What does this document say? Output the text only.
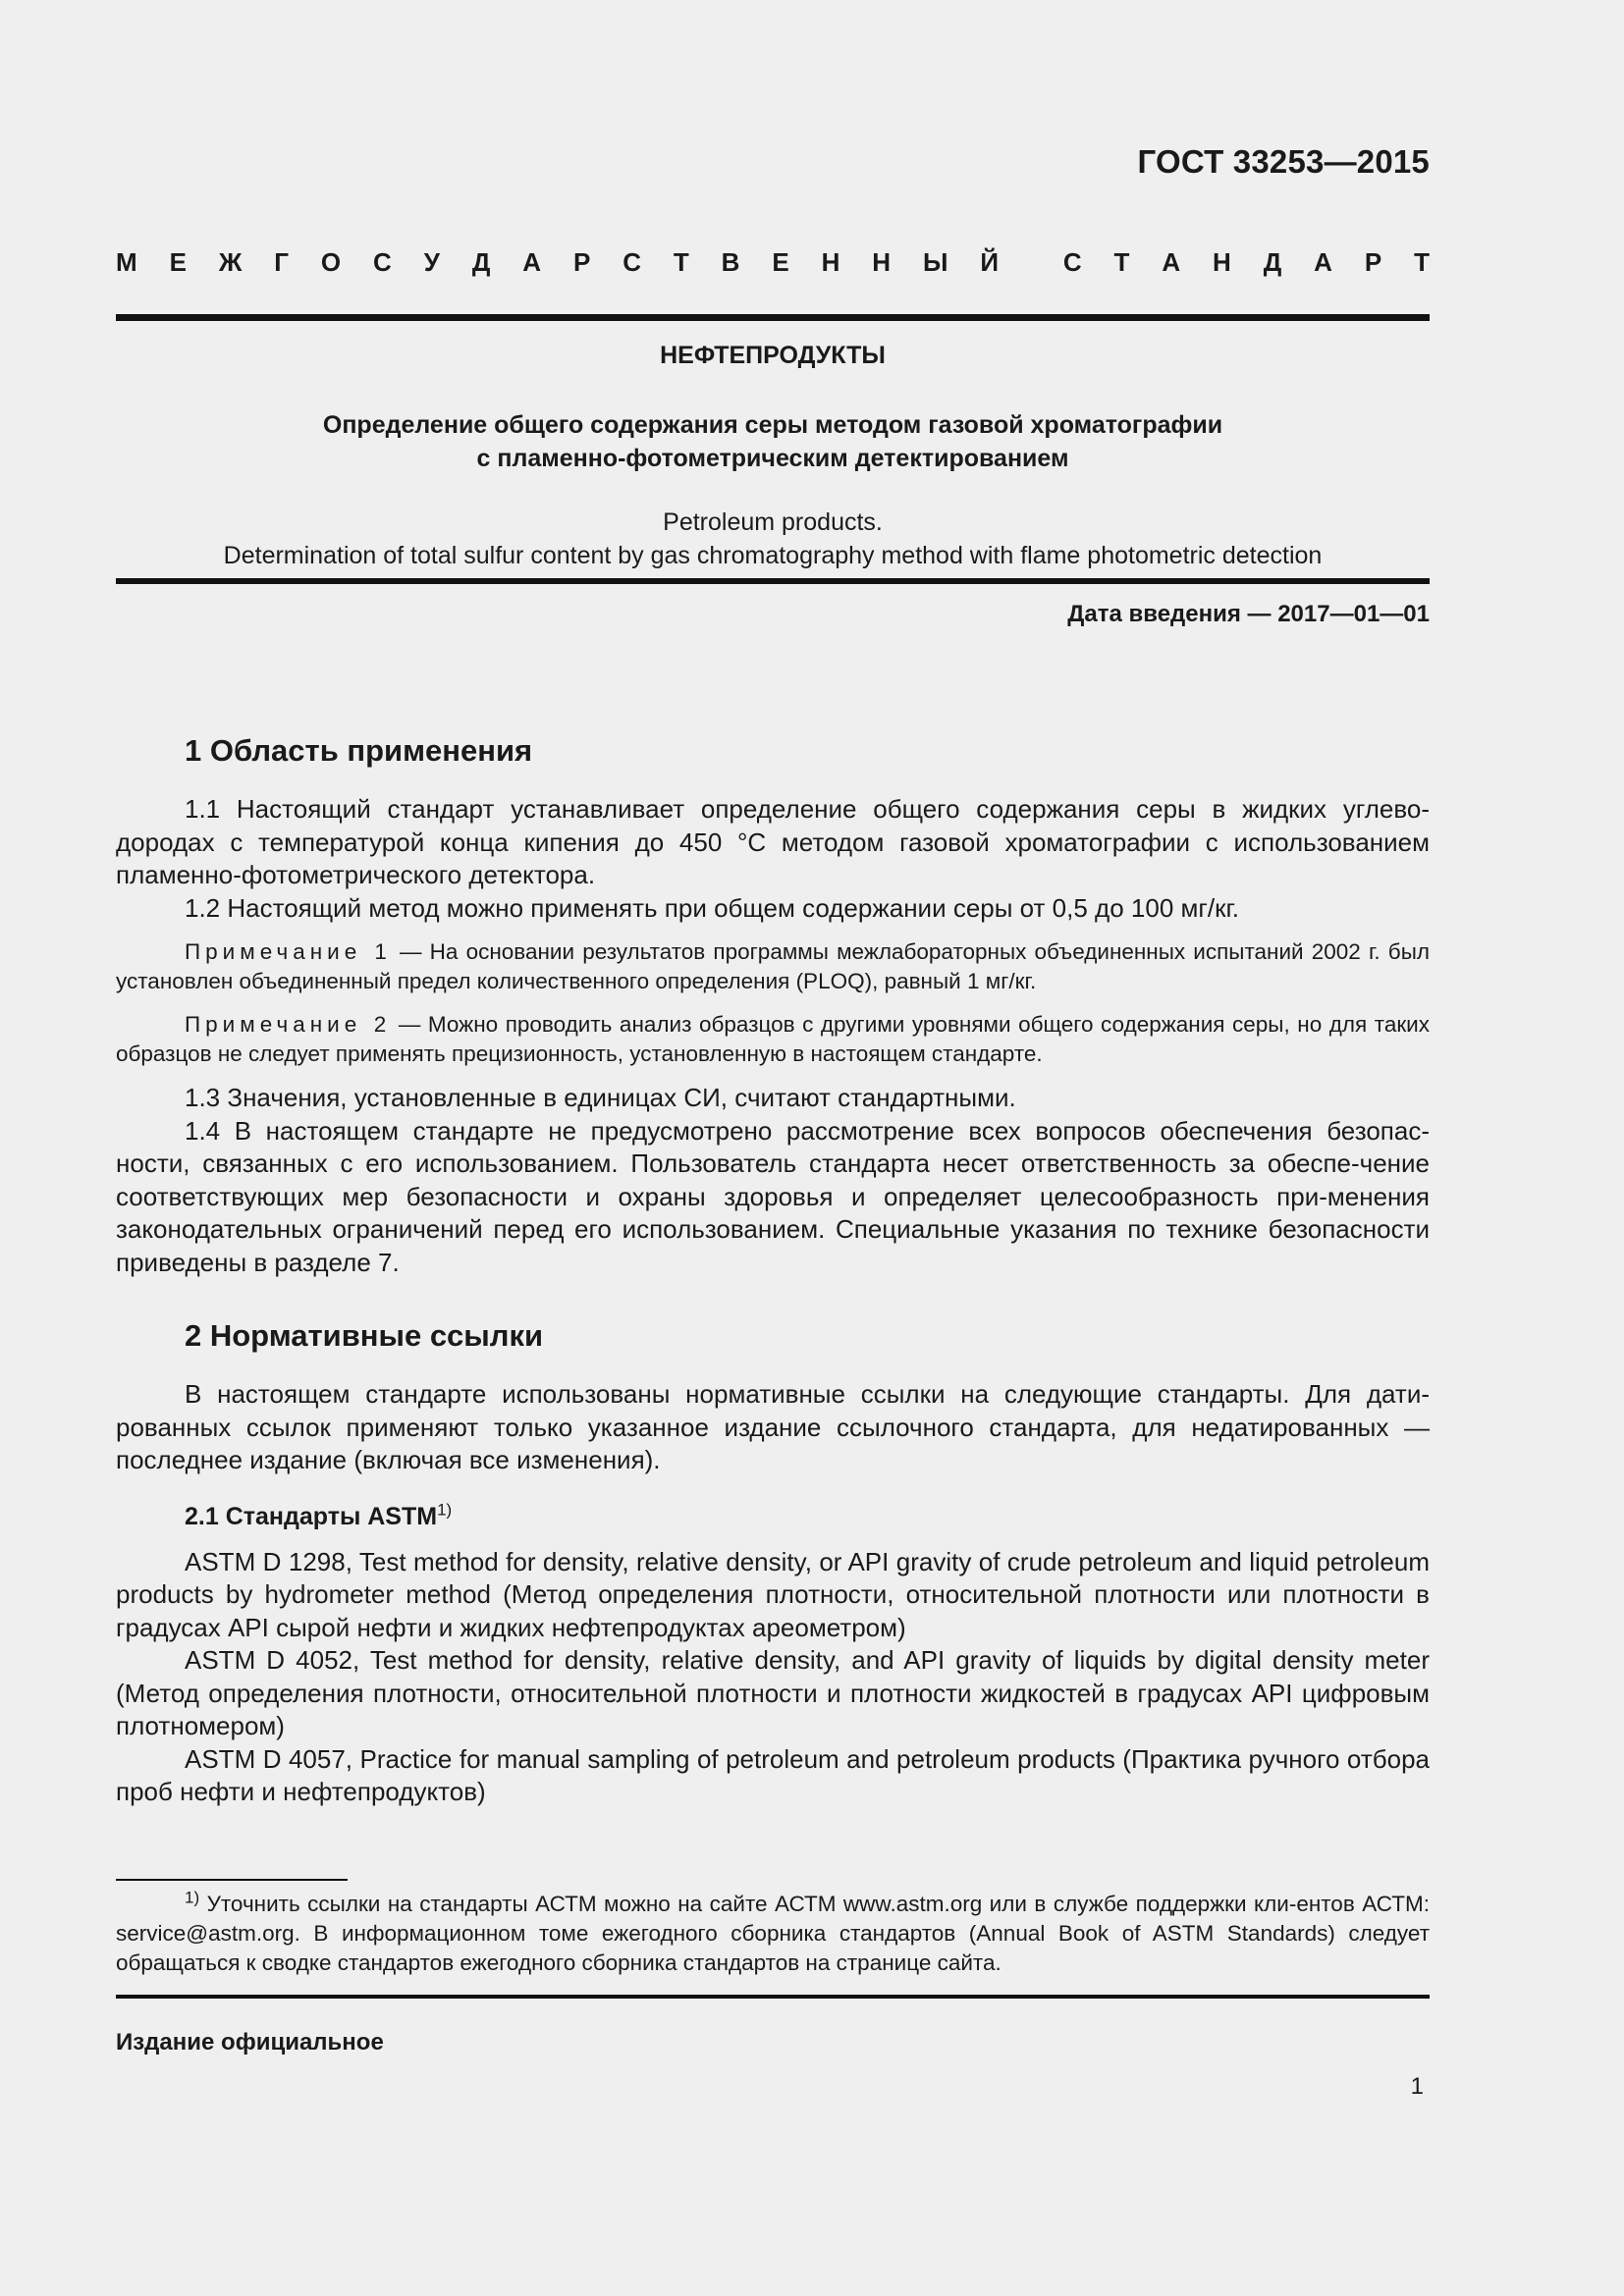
ГОСТ 33253—2015
М Е Ж Г О С У Д А Р С Т В Е Н Н Ы Й	С Т А Н Д А Р Т
НЕФТЕПРОДУКТЫ
Определение общего содержания серы методом газовой хроматографии
с пламенно-фотометрическим детектированием
Petroleum products.
Determination of total sulfur content by gas chromatography method with flame photometric detection
Дата введения — 2017—01—01
1 Область применения

1.1 Настоящий стандарт устанавливает определение общего содержания серы в жидких углево-дородах с температурой конца кипения до 450 °C методом газовой хроматографии с использованием пламенно-фотометрического детектора.

1.2 Настоящий метод можно применять при общем содержании серы от 0,5 до 100 мг/кг.

Примечание 1 — На основании результатов программы межлабораторных объединенных испытаний 2002 г. был установлен объединенный предел количественного определения (PLOQ), равный 1 мг/кг.

Примечание 2 — Можно проводить анализ образцов с другими уровнями общего содержания серы, но для таких образцов не следует применять прецизионность, установленную в настоящем стандарте.

1.3 Значения, установленные в единицах СИ, считают стандартными.

1.4 В настоящем стандарте не предусмотрено рассмотрение всех вопросов обеспечения безопас-ности, связанных с его использованием. Пользователь стандарта несет ответственность за обеспе-чение соответствующих мер безопасности и охраны здоровья и определяет целесообразность при-менения законодательных ограничений перед его использованием. Специальные указания по технике безопасности приведены в разделе 7.

2 Нормативные ссылки

В настоящем стандарте использованы нормативные ссылки на следующие стандарты. Для дати-рованных ссылок применяют только указанное издание ссылочного стандарта, для недатированных — последнее издание (включая все изменения).

2.1 Стандарты ASTM$^{1)}$

ASTM D 1298, Test method for density, relative density, or API gravity of crude petroleum and liquid petroleum products by hydrometer method (Метод определения плотности, относительной плотности или плотности в градусах API сырой нефти и жидких нефтепродуктах ареометром)

ASTM D 4052, Test method for density, relative density, and API gravity of liquids by digital density meter (Метод определения плотности, относительной плотности и плотности жидкостей в градусах API цифровым плотномером)

ASTM D 4057, Practice for manual sampling of petroleum and petroleum products (Практика ручного отбора проб нефти и нефтепродуктов)

$^{1)}$ Уточнить ссылки на стандарты АСТМ можно на сайте АСТМ www.astm.org или в службе поддержки кли-ентов АСТМ: service@astm.org. В информационном томе ежегодного сборника стандартов (Annual Book of ASTM Standards) следует обращаться к сводке стандартов ежегодного сборника стандартов на странице сайта.
Издание официальное
1
